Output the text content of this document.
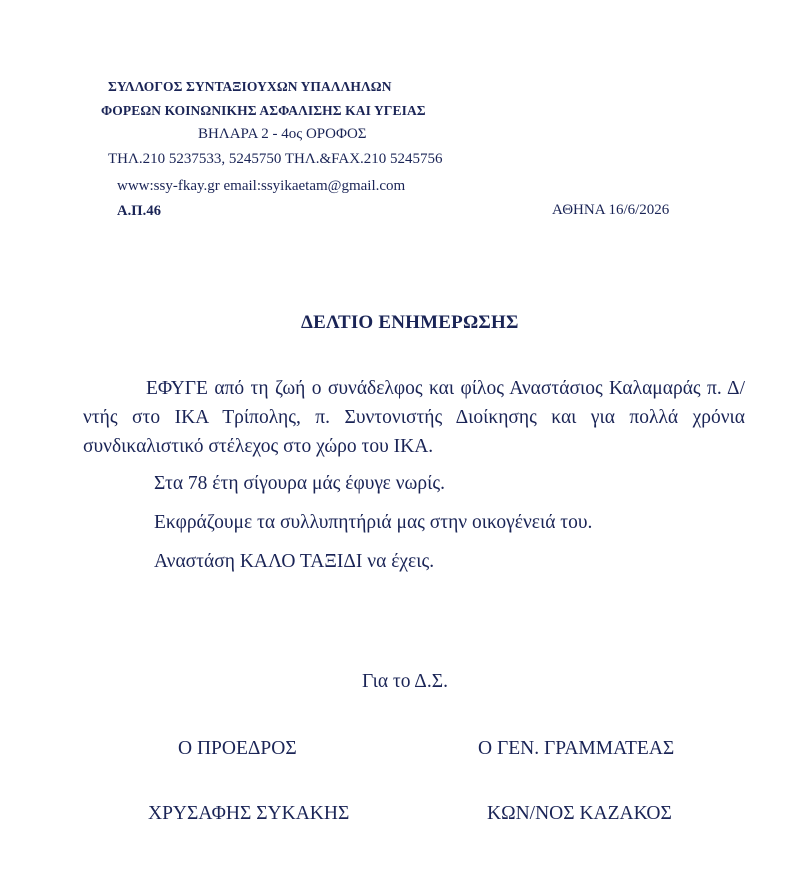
ΣΥΛΛΟΓΟΣ ΣΥΝΤΑΞΙΟΥΧΩΝ ΥΠΑΛΛΗΛΩΝ
ΦΟΡΕΩΝ ΚΟΙΝΩΝΙΚΗΣ ΑΣΦΑΛΙΣΗΣ ΚΑΙ ΥΓΕΙΑΣ
ΒΗΛΑΡΑ 2 - 4ος ΟΡΟΦΟΣ
ΤΗΛ.210 5237533, 5245750 ΤΗΛ.&FAX.210 5245756
www:ssy-fkay.gr email:ssyikaetam@gmail.com
Α.Π.46	ΑΘΗΝΑ 16/6/2026
ΔΕΛΤΙΟ ΕΝΗΜΕΡΩΣΗΣ
ΕΦΥΓΕ από τη ζωή ο συνάδελφος και φίλος Αναστάσιος Καλαμαράς π. Δ/ντής στο ΙΚΑ Τρίπολης, π. Συντονιστής Διοίκησης και για πολλά χρόνια συνδικαλιστικό στέλεχος στο χώρο του ΙΚΑ.
Στα 78 έτη σίγουρα μάς έφυγε νωρίς.
Εκφράζουμε τα συλλυπητήριά μας στην οικογένειά του.
Αναστάση ΚΑΛΟ ΤΑΞΙΔΙ να έχεις.
Για το Δ.Σ.
Ο ΠΡΟΕΔΡΟΣ	Ο ΓΕΝ. ΓΡΑΜΜΑΤΕΑΣ
ΧΡΥΣΑΦΗΣ ΣΥΚΑΚΗΣ	ΚΩΝ/ΝΟΣ ΚΑΖΑΚΟΣ
